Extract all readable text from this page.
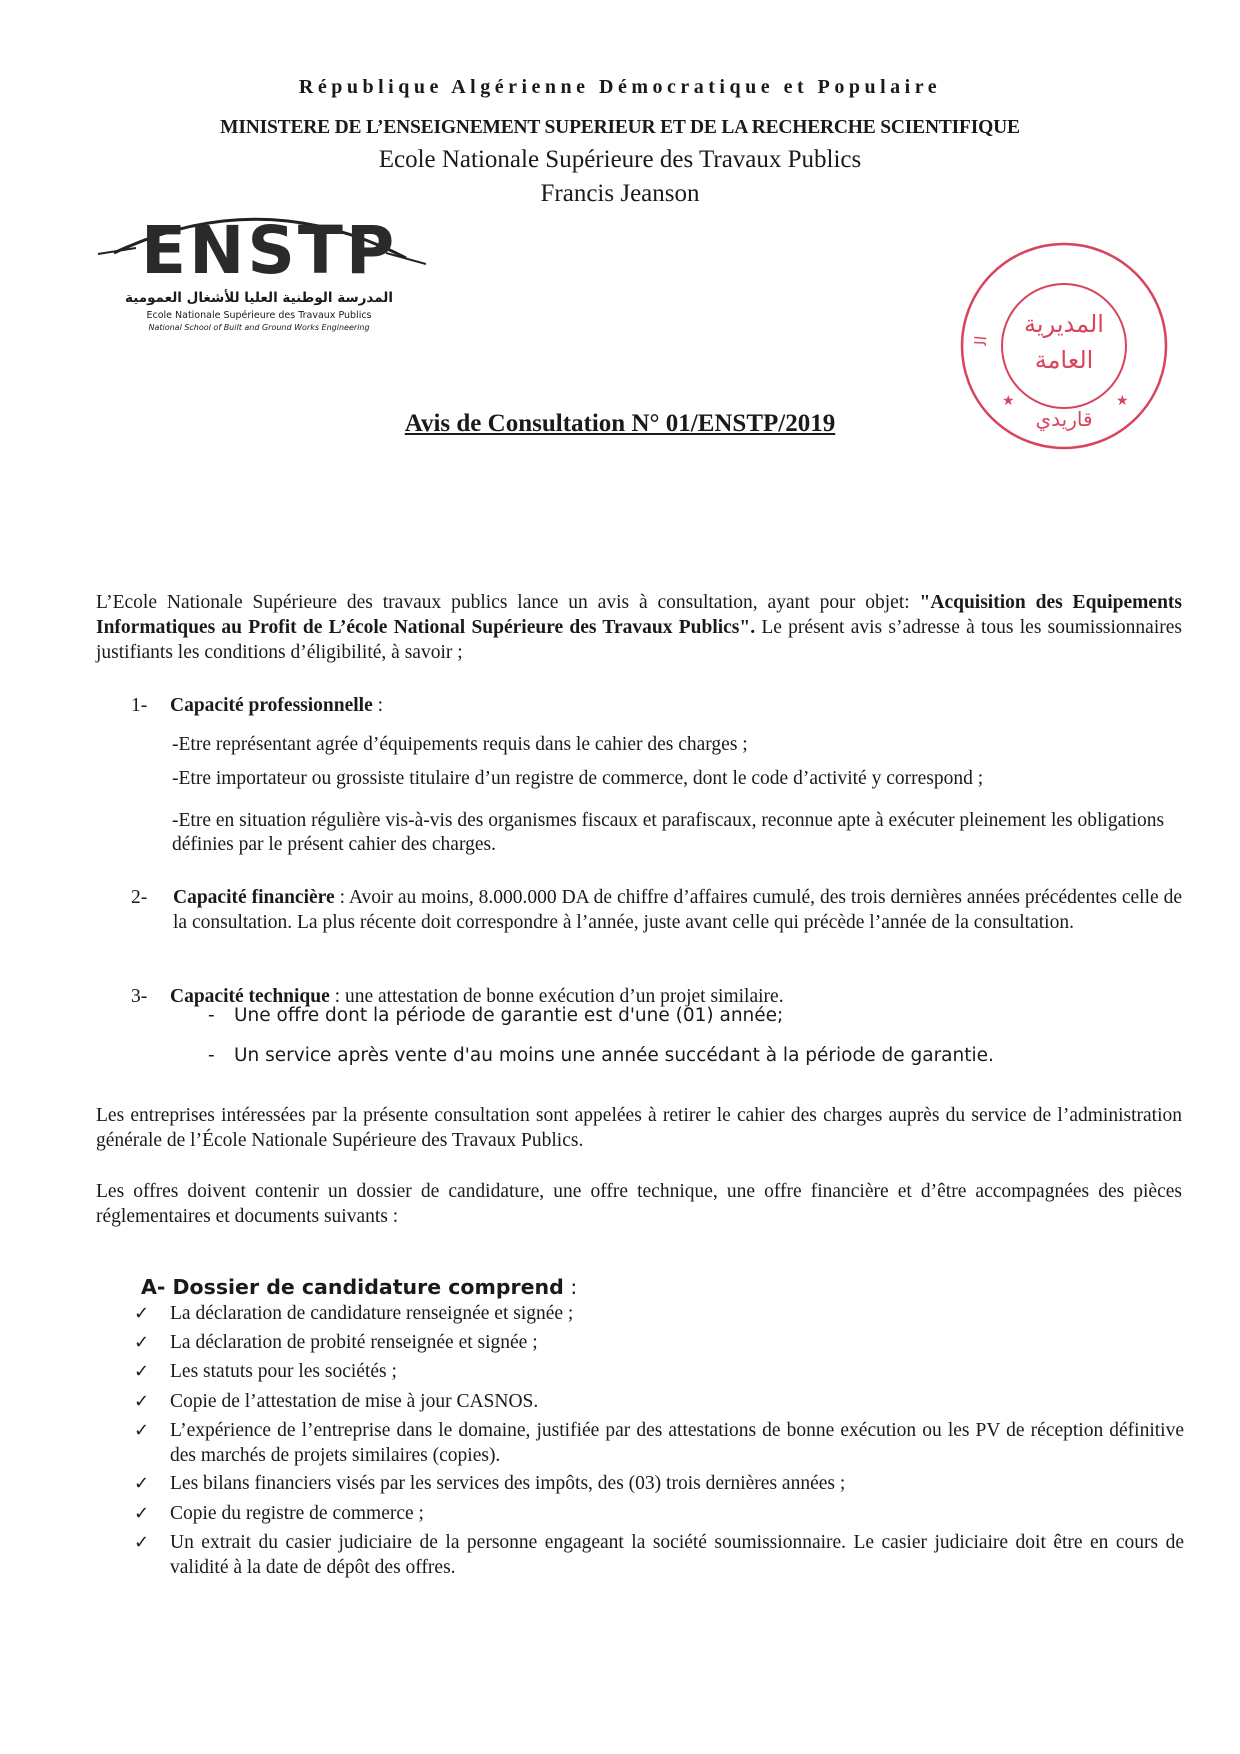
République Algérienne Démocratique et Populaire
MINISTERE DE L’ENSEIGNEMENT SUPERIEUR ET DE LA RECHERCHE SCIENTIFIQUE
Ecole Nationale Supérieure des Travaux Publics
Francis Jeanson
ENSTP
المدرسة الوطنية العليا للأشغال العمومية
Ecole Nationale Supérieure des Travaux Publics
National School of Built and Ground Works Engineering
ال
المديرية
العامة
قاريدي
★	★
Avis de Consultation N° 01/ENSTP/2019
L’Ecole Nationale Supérieure des travaux publics lance un avis à consultation, ayant pour objet: "Acquisition des Equipements Informatiques au Profit de L’école National Supérieure des Travaux Publics". Le présent avis s’adresse à tous les soumissionnaires justifiants les conditions d’éligibilité, à savoir ;
1- Capacité professionnelle :
-Etre représentant agrée d’équipements requis dans le cahier des charges ;
-Etre importateur ou grossiste titulaire d’un registre de commerce, dont le code d’activité y correspond ;
-Etre en situation régulière vis-à-vis des organismes fiscaux et parafiscaux, reconnue apte à exécuter pleinement les obligations définies par le présent cahier des charges.
2- Capacité financière : Avoir au moins, 8.000.000 DA de chiffre d’affaires cumulé, des trois dernières années précédentes celle de la consultation. La plus récente doit correspondre à l’année, juste avant celle qui précède l’année de la consultation.
3- Capacité technique : une attestation de bonne exécution d’un projet similaire.
- Une offre dont la période de garantie est d'une (01) année;
- Un service après vente d'au moins une année succédant à la période de garantie.
Les entreprises intéressées par la présente consultation sont appelées à retirer le cahier des charges auprès du service de l’administration générale de l’École Nationale Supérieure des Travaux Publics.
Les offres doivent contenir un dossier de candidature, une offre technique, une offre financière et d’être accompagnées des pièces réglementaires et documents suivants :
A- Dossier de candidature comprend :
✓	La déclaration de candidature renseignée et signée ;
✓	La déclaration de probité renseignée et signée ;
✓	Les statuts pour les sociétés ;
✓	Copie de l’attestation de mise à jour CASNOS.
✓	L’expérience de l’entreprise dans le domaine, justifiée par des attestations de bonne exécution ou les PV de réception définitive des marchés de projets similaires (copies).
✓	Les bilans financiers visés par les services des impôts, des (03) trois dernières années ;
✓	Copie du registre de commerce ;
✓	Un extrait du casier judiciaire de la personne engageant la société soumissionnaire. Le casier judiciaire doit être en cours de validité à la date de dépôt des offres.
